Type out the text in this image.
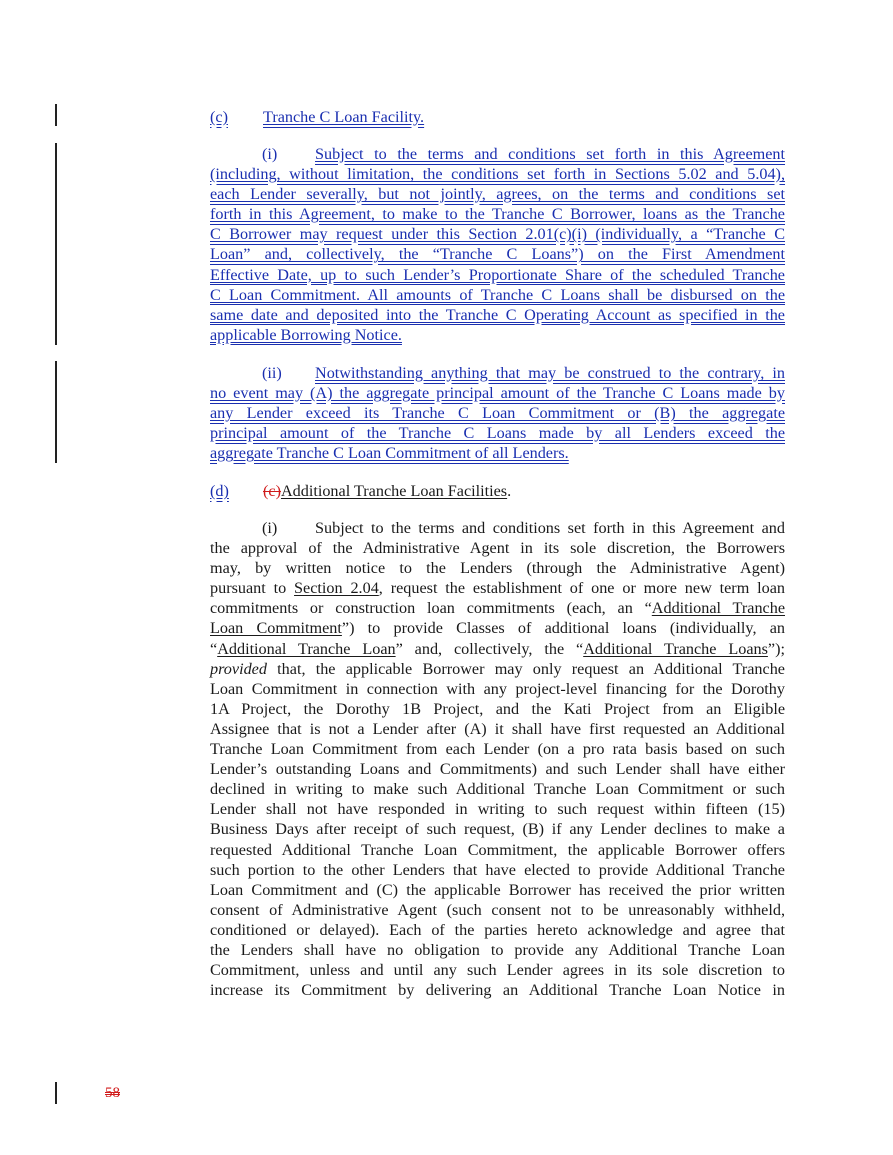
(c) Tranche C Loan Facility.
(i) Subject to the terms and conditions set forth in this Agreement
(including, without limitation, the conditions set forth in Sections 5.02 and 5.04),
each Lender severally, but not jointly, agrees, on the terms and conditions set
forth in this Agreement, to make to the Tranche C Borrower, loans as the Tranche
C Borrower may request under this Section 2.01(c)(i) (individually, a “Tranche C
Loan” and, collectively, the “Tranche C Loans”) on the First Amendment
Effective Date, up to such Lender’s Proportionate Share of the scheduled Tranche
C Loan Commitment. All amounts of Tranche C Loans shall be disbursed on the
same date and deposited into the Tranche C Operating Account as specified in the
applicable Borrowing Notice.
(ii) Notwithstanding anything that may be construed to the contrary, in
no event may (A) the aggregate principal amount of the Tranche C Loans made by
any Lender exceed its Tranche C Loan Commitment or (B) the aggregate
principal amount of the Tranche C Loans made by all Lenders exceed the
aggregate Tranche C Loan Commitment of all Lenders.
(d) (c)Additional Tranche Loan Facilities.
(i) Subject to the terms and conditions set forth in this Agreement and
the approval of the Administrative Agent in its sole discretion, the Borrowers
may, by written notice to the Lenders (through the Administrative Agent)
pursuant to Section 2.04, request the establishment of one or more new term loan
commitments or construction loan commitments (each, an “Additional Tranche
Loan Commitment”) to provide Classes of additional loans (individually, an
“Additional Tranche Loan” and, collectively, the “Additional Tranche Loans”);
provided that, the applicable Borrower may only request an Additional Tranche
Loan Commitment in connection with any project-level financing for the Dorothy
1A Project, the Dorothy 1B Project, and the Kati Project from an Eligible
Assignee that is not a Lender after (A) it shall have first requested an Additional
Tranche Loan Commitment from each Lender (on a pro rata basis based on such
Lender’s outstanding Loans and Commitments) and such Lender shall have either
declined in writing to make such Additional Tranche Loan Commitment or such
Lender shall not have responded in writing to such request within fifteen (15)
Business Days after receipt of such request, (B) if any Lender declines to make a
requested Additional Tranche Loan Commitment, the applicable Borrower offers
such portion to the other Lenders that have elected to provide Additional Tranche
Loan Commitment and (C) the applicable Borrower has received the prior written
consent of Administrative Agent (such consent not to be unreasonably withheld,
conditioned or delayed). Each of the parties hereto acknowledge and agree that
the Lenders shall have no obligation to provide any Additional Tranche Loan
Commitment, unless and until any such Lender agrees in its sole discretion to
increase its Commitment by delivering an Additional Tranche Loan Notice in
58
